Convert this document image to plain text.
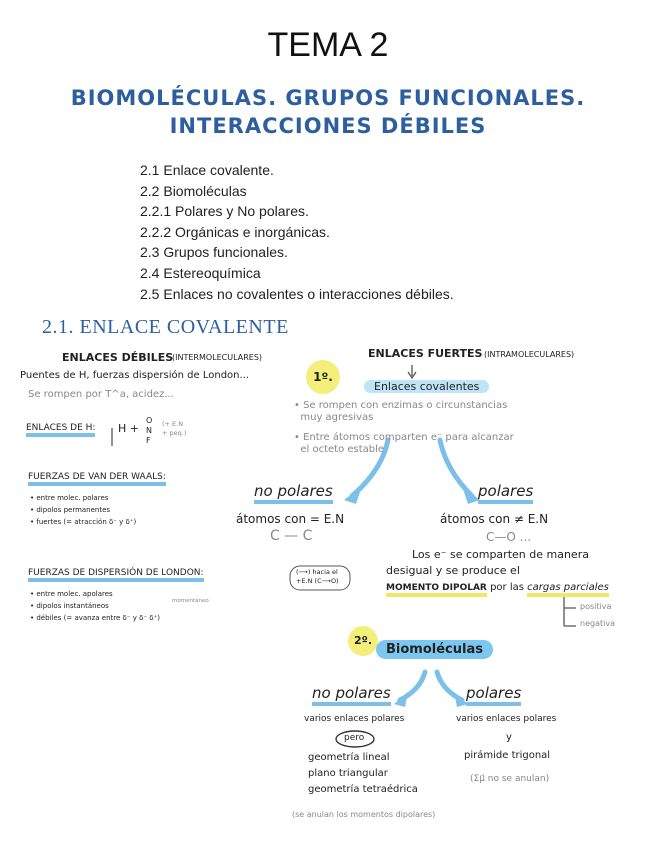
TEMA 2
BIOMOLÉCULAS. GRUPOS FUNCIONALES.
INTERACCIONES DÉBILES
2.1 Enlace covalente.
2.2 Biomoléculas
2.2.1 Polares y No polares.
2.2.2 Orgánicas e inorgánicas.
2.3 Grupos funcionales.
2.4 Estereoquímica
2.5 Enlaces no covalentes o interacciones débiles.
2.1. ENLACE COVALENTE
ENLACES DÉBILES
(INTERMOLECULARES)
Puentes de H, fuerzas dispersión de London...
Se rompen por T^a, acidez...
ENLACES DE H: H +
O
N
F
(+ E.N
+ peq.)
FUERZAS DE VAN DER WAALS:
• entre molec. polares
• dipolos permanentes
• fuertes (= atracción δ⁻ y δ⁺)
FUERZAS DE DISPERSIÓN DE LONDON:
momentáneo
• entre molec. apolares
• dipolos instantáneos
• débiles (= avanza entre δ⁻ y δ⁻ δ⁺)
ENLACES FUERTES (INTRAMOLECULARES)
1º.
Enlaces covalentes
• Se rompen con enzimas o circunstancias
muy agresivas
• Entre átomos comparten e⁻ para alcanzar
el octeto estable
no polares	polares
átomos con = E.N
C — C
átomos con ≠ E.N
C—O ...
(⟶) hacia el
+E.N (C⟶O)
Los e⁻ se comparten de manera
desigual y se produce el
MOMENTO DIPOLAR por las cargas parciales
positiva
negativa
2º.
Biomoléculas
no polares	polares
varios enlaces polares
pero
geometría lineal
plano triangular
geometría tetraédrica
(se anulan los momentos dipolares)
varios enlaces polares
y
pirámide trigonal
(Σμ⃗ no se anulan)
